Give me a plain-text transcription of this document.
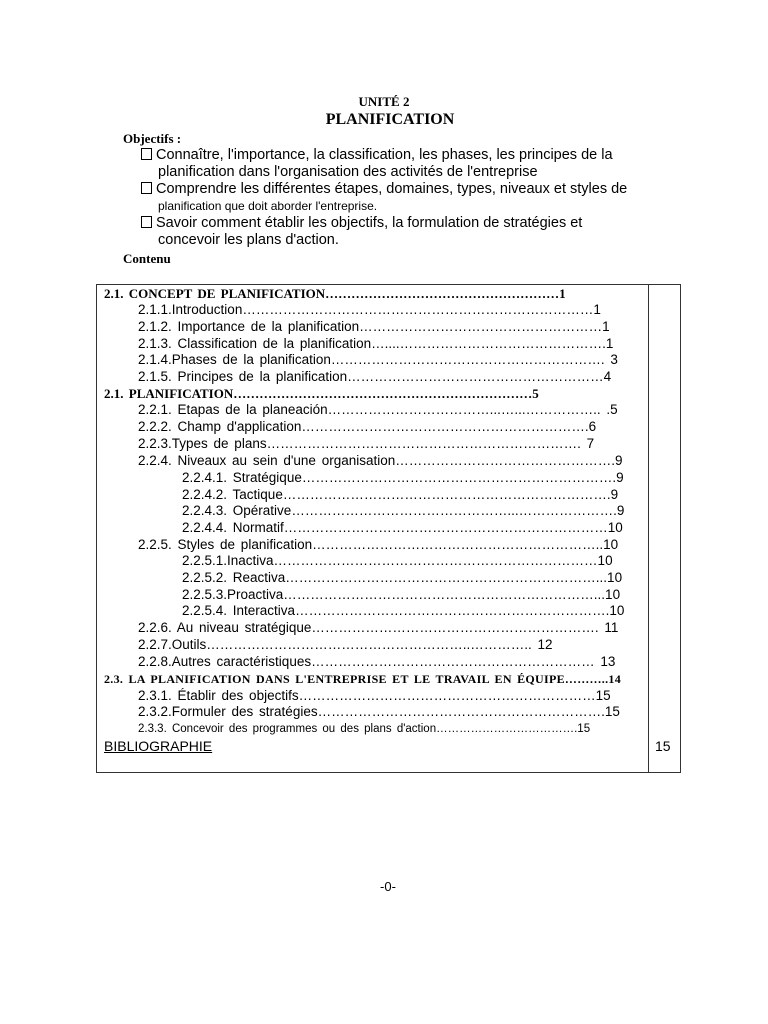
UNITÉ 2
PLANIFICATION
Objectifs :
Connaître, l'importance, la classification, les phases, les principes de la
planification dans l'organisation des activités de l'entreprise
Comprendre les différentes étapes, domaines, types, niveaux et styles de
planification que doit aborder l'entreprise.
Savoir comment établir les objectifs, la formulation de stratégies et
concevoir les plans d'action.
Contenu
2.1. CONCEPT DE PLANIFICATION………………………………………………1
2.1.1.Introduction……………………………………………………………………1
2.1.2. Importance de la planification………………………………………………1
2.1.3. Classification de la planification…....……………………………………….1
2.1.4.Phases de la planification……………………………………………………. 3
2.1.5. Principes de la planification…………………………………………………4
2.1. PLANIFICATION……………………………………………………………5
2.2.1. Etapas de la planeación………………………………...…...…………….. .5
2.2.2. Champ d'application……………………………………………………….6
2.2.3.Types de plans……………………………………………………………. 7
2.2.4. Niveaux au sein d'une organisation………………………………………….9
2.2.4.1. Stratégique…………………………………………………………….9
2.2.4.2. Tactique……………………………………………………………….9
2.2.4.3. Opérative…………………………………………...………………….9
2.2.4.4. Normatif………………………………………………………………10
2.2.5. Styles de planification………………………………………………………..10
2.2.5.1.Inactiva………………………………………………………………10
2.2.5.2. Reactiva……………………………………………………………...10
2.2.5.3.Proactiva……………………………………………………………...10
2.2.5.4. Interactiva…………………………………………………………….10
2.2.6. Au niveau stratégique………………………………………………………. 11
2.2.7.Outils…………………………………………………..………….. 12
2.2.8.Autres caractéristiques……………………………………………………… 13
2.3. LA PLANIFICATION DANS L'ENTREPRISE ET LE TRAVAIL EN ÉQUIPE………..14
2.3.1. Établir des objectifs…………………………………………………………15
2.3.2.Formuler des stratégies……………………………………………………….15
2.3.3. Concevoir des programmes ou des plans d'action……………………………….15
BIBLIOGRAPHIE	15
-0-
